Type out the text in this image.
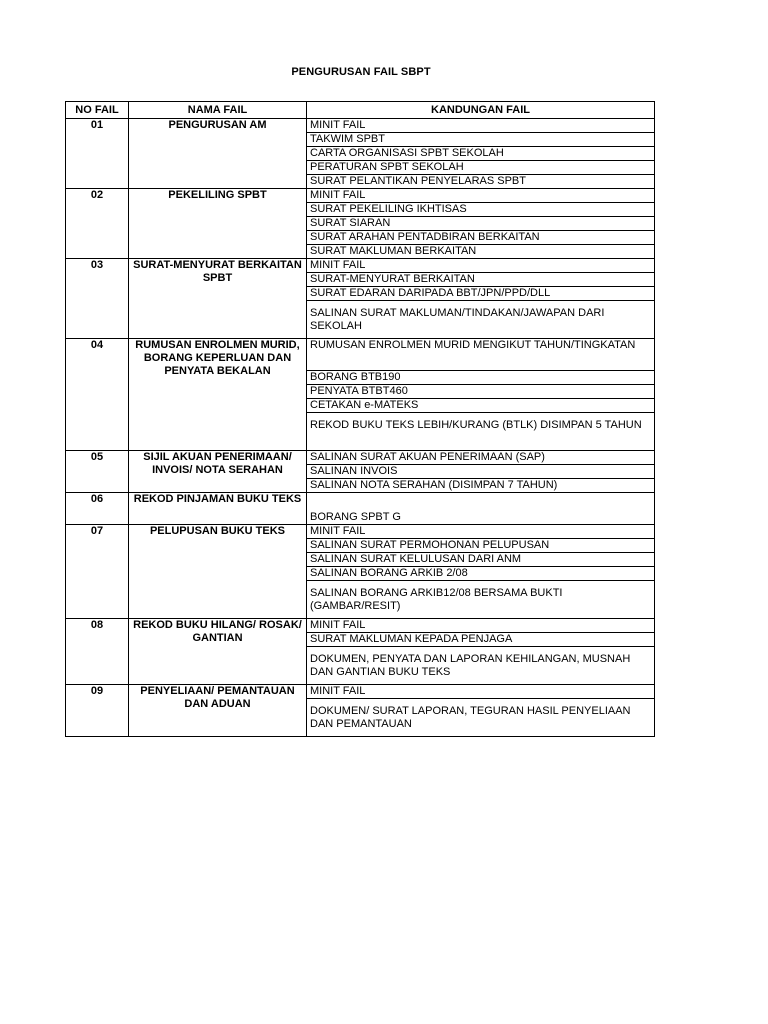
PENGURUSAN FAIL SBPT
NO FAIL	NAMA FAIL	KANDUNGAN FAIL
01	PENGURUSAN AM	MINIT FAIL
		TAKWIM SPBT
		CARTA ORGANISASI SPBT SEKOLAH
		PERATURAN SPBT SEKOLAH
		SURAT PELANTIKAN PENYELARAS SPBT
02	PEKELILING SPBT	MINIT FAIL
		SURAT PEKELILING IKHTISAS
		SURAT SIARAN
		SURAT ARAHAN PENTADBIRAN BERKAITAN
		SURAT MAKLUMAN BERKAITAN
03	SURAT-MENYURAT BERKAITAN SPBT	MINIT FAIL
		SURAT-MENYURAT BERKAITAN
		SURAT EDARAN DARIPADA BBT/JPN/PPD/DLL
		SALINAN SURAT MAKLUMAN/TINDAKAN/JAWAPAN DARI SEKOLAH
04	RUMUSAN ENROLMEN MURID, BORANG KEPERLUAN DAN PENYATA BEKALAN	RUMUSAN ENROLMEN MURID MENGIKUT TAHUN/TINGKATAN
		BORANG BTB190
		PENYATA BTBT460
		CETAKAN e-MATEKS
		REKOD BUKU TEKS LEBIH/KURANG (BTLK) DISIMPAN 5 TAHUN
05	SIJIL AKUAN PENERIMAAN/ INVOIS/ NOTA SERAHAN	SALINAN SURAT AKUAN PENERIMAAN (SAP)
		SALINAN INVOIS
		SALINAN NOTA SERAHAN (DISIMPAN 7 TAHUN)
06	REKOD PINJAMAN BUKU TEKS	BORANG SPBT G
07	PELUPUSAN BUKU TEKS	MINIT FAIL
		SALINAN SURAT PERMOHONAN PELUPUSAN
		SALINAN SURAT KELULUSAN DARI ANM
		SALINAN BORANG ARKIB 2/08
		SALINAN BORANG ARKIB12/08 BERSAMA BUKTI (GAMBAR/RESIT)
08	REKOD BUKU HILANG/ ROSAK/ GANTIAN	MINIT FAIL
		SURAT MAKLUMAN KEPADA PENJAGA
		DOKUMEN, PENYATA DAN LAPORAN KEHILANGAN, MUSNAH DAN GANTIAN BUKU TEKS
09	PENYELIAAN/ PEMANTAUAN DAN ADUAN	MINIT FAIL
		DOKUMEN/ SURAT LAPORAN, TEGURAN HASIL PENYELIAAN DAN PEMANTAUAN
